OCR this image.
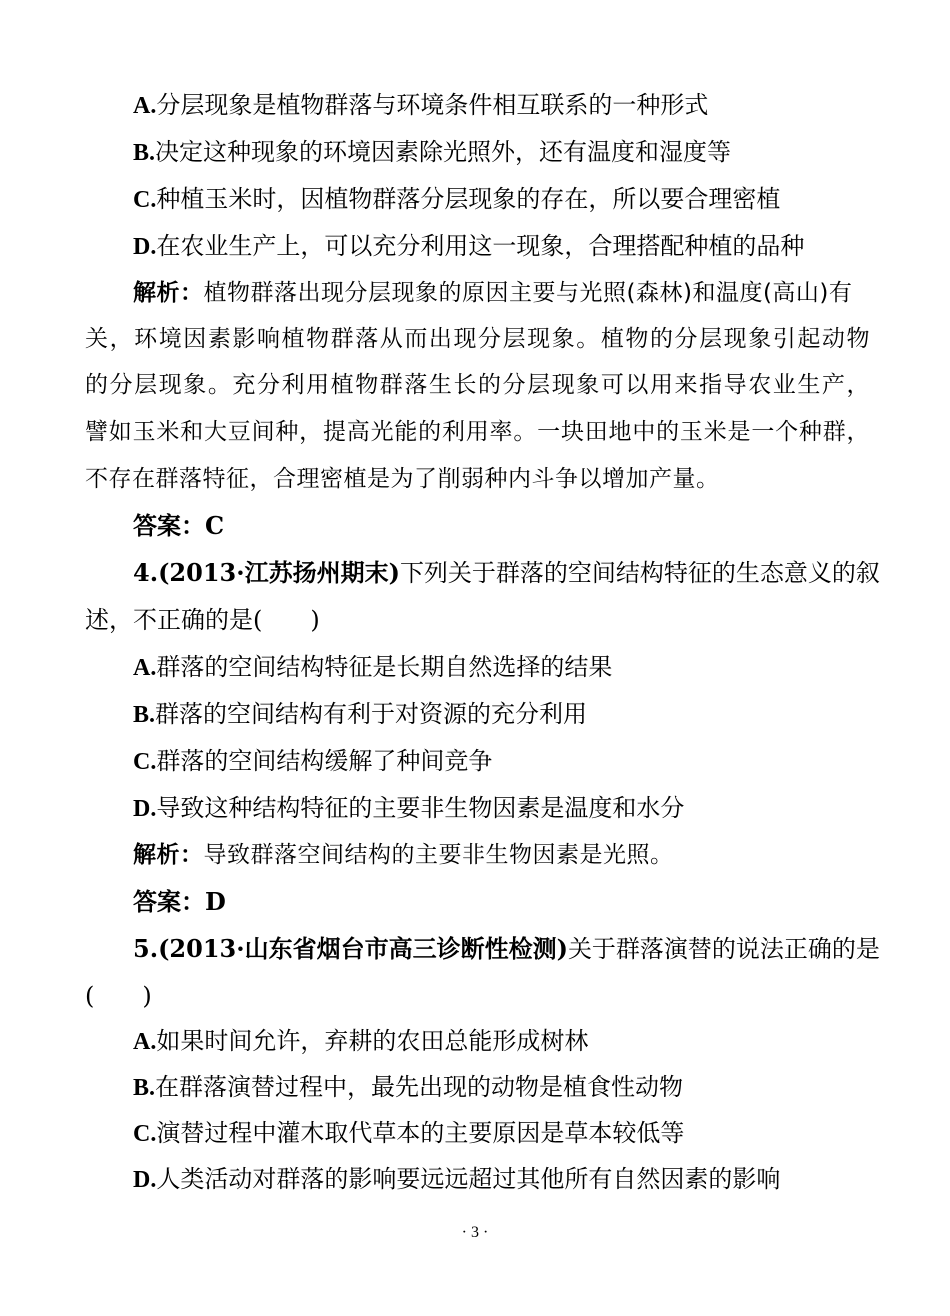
A.分层现象是植物群落与环境条件相互联系的一种形式
B.决定这种现象的环境因素除光照外，还有温度和湿度等
C.种植玉米时，因植物群落分层现象的存在，所以要合理密植
D.在农业生产上，可以充分利用这一现象，合理搭配种植的品种
解析：植物群落出现分层现象的原因主要与光照(森林)和温度(高山)有
关，环境因素影响植物群落从而出现分层现象。植物的分层现象引起动物
的分层现象。充分利用植物群落生长的分层现象可以用来指导农业生产，
譬如玉米和大豆间种，提高光能的利用率。一块田地中的玉米是一个种群，
不存在群落特征，合理密植是为了削弱种内斗争以增加产量。
答案：C
4.(2013·江苏扬州期末)下列关于群落的空间结构特征的生态意义的叙
述，不正确的是(　　)
A.群落的空间结构特征是长期自然选择的结果
B.群落的空间结构有利于对资源的充分利用
C.群落的空间结构缓解了种间竞争
D.导致这种结构特征的主要非生物因素是温度和水分
解析：导致群落空间结构的主要非生物因素是光照。
答案：D
5.(2013·山东省烟台市高三诊断性检测)关于群落演替的说法正确的是
(　　)
A.如果时间允许，弃耕的农田总能形成树林
B.在群落演替过程中，最先出现的动物是植食性动物
C.演替过程中灌木取代草本的主要原因是草本较低等
D.人类活动对群落的影响要远远超过其他所有自然因素的影响
· 3 ·
